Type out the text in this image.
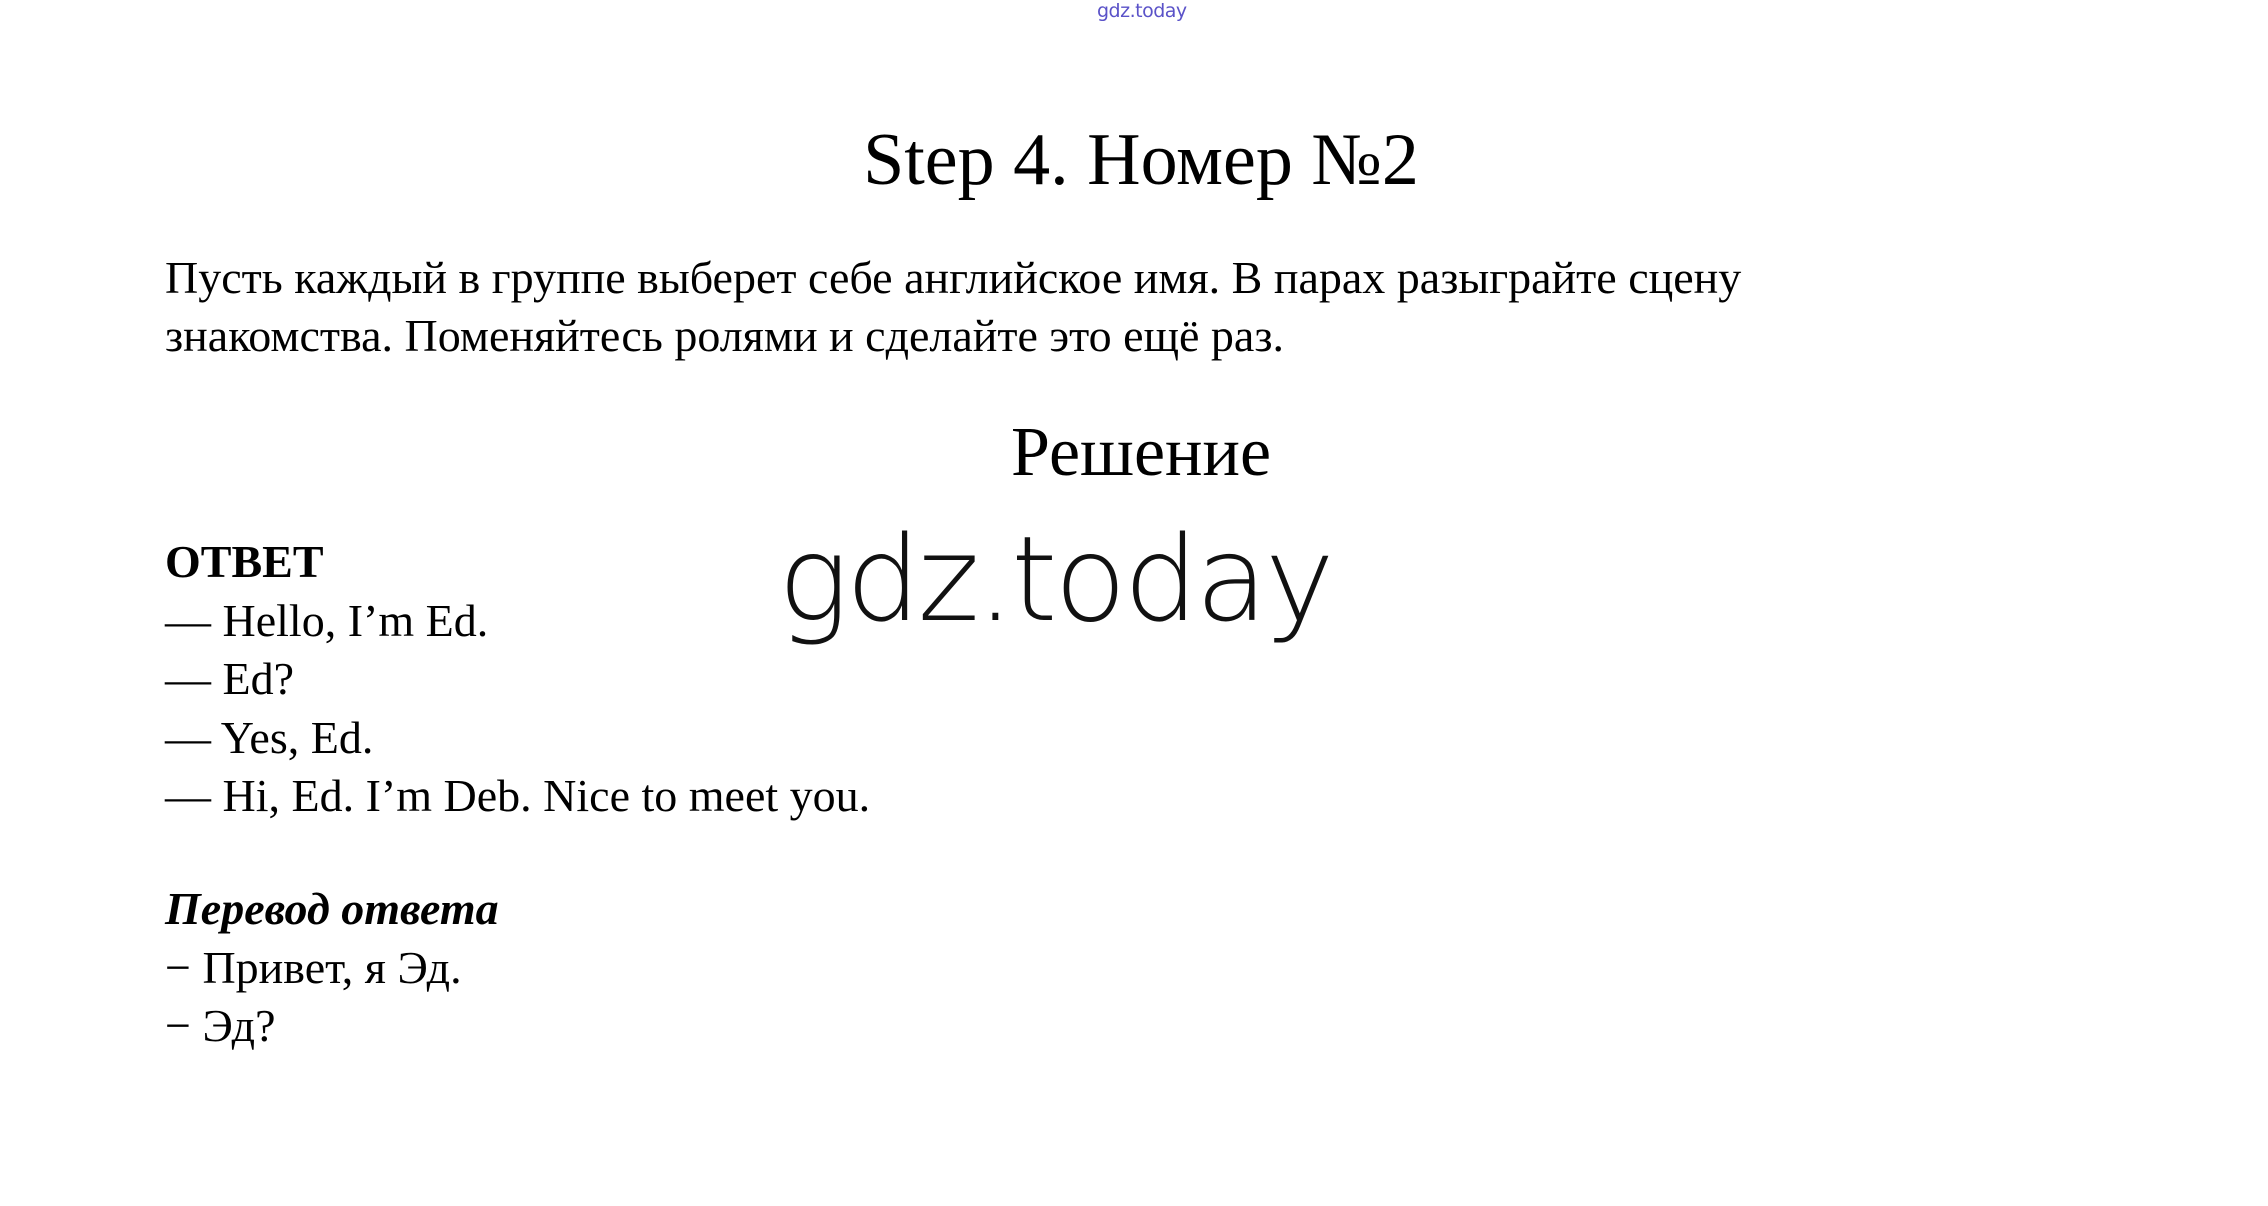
gdz.today
Step 4. Номер №2
Пусть каждый в группе выберет себе английское имя. В парах разыграйте сцену
знакомства. Поменяйтесь ролями и сделайте это ещё раз.
Решение
ОТВЕТ
— Hello, I’m Ed.
— Ed?
— Yes, Ed.
— Hi, Ed. I’m Deb. Nice to meet you.
gdz.today
Перевод ответа
− Привет, я Эд.
− Эд?
